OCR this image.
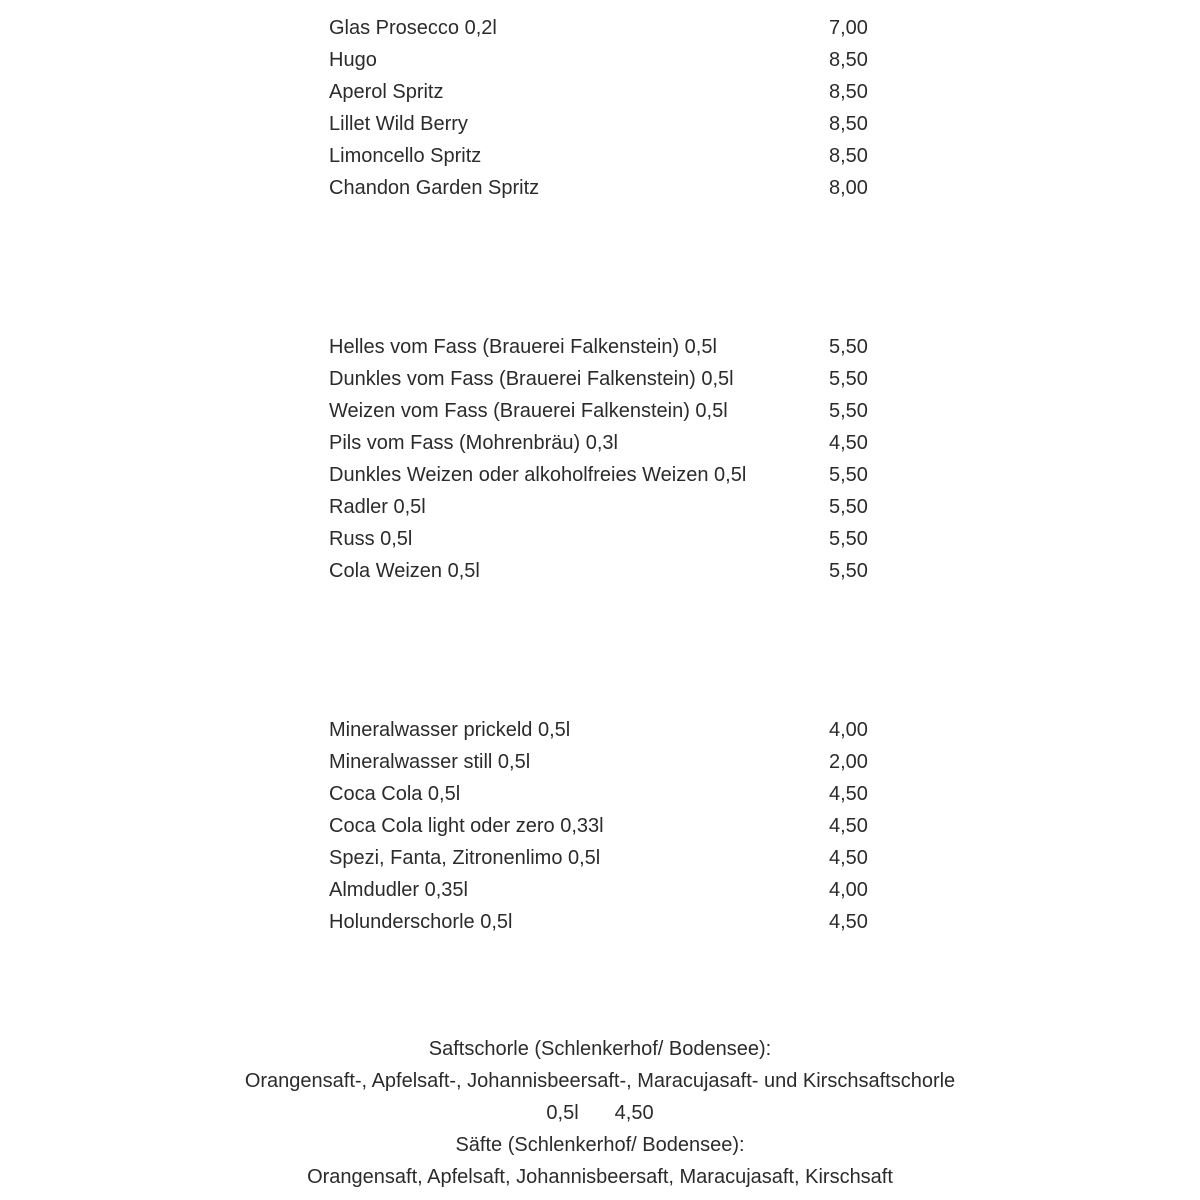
Glas Prosecco 0,2l	7,00
Hugo	8,50
Aperol Spritz	8,50
Lillet Wild Berry	8,50
Limoncello Spritz	8,50
Chandon Garden Spritz	8,00
Helles vom Fass (Brauerei Falkenstein) 0,5l	5,50
Dunkles vom Fass (Brauerei Falkenstein) 0,5l	5,50
Weizen vom Fass (Brauerei Falkenstein) 0,5l	5,50
Pils vom Fass (Mohrenbräu) 0,3l	4,50
Dunkles Weizen oder alkoholfreies Weizen 0,5l	5,50
Radler 0,5l	5,50
Russ 0,5l	5,50
Cola Weizen 0,5l	5,50
Mineralwasser prickeld 0,5l	4,00
Mineralwasser still 0,5l	2,00
Coca Cola 0,5l	4,50
Coca Cola light oder zero 0,33l	4,50
Spezi, Fanta, Zitronenlimo 0,5l	4,50
Almdudler 0,35l	4,00
Holunderschorle 0,5l	4,50
Saftschorle (Schlenkerhof/ Bodensee):
Orangensaft-, Apfelsaft-, Johannisbeersaft-, Maracujasaft- und Kirschsaftschorle
0,5l 4,50
Säfte (Schlenkerhof/ Bodensee):
Orangensaft, Apfelsaft, Johannisbeersaft, Maracujasaft, Kirschsaft
